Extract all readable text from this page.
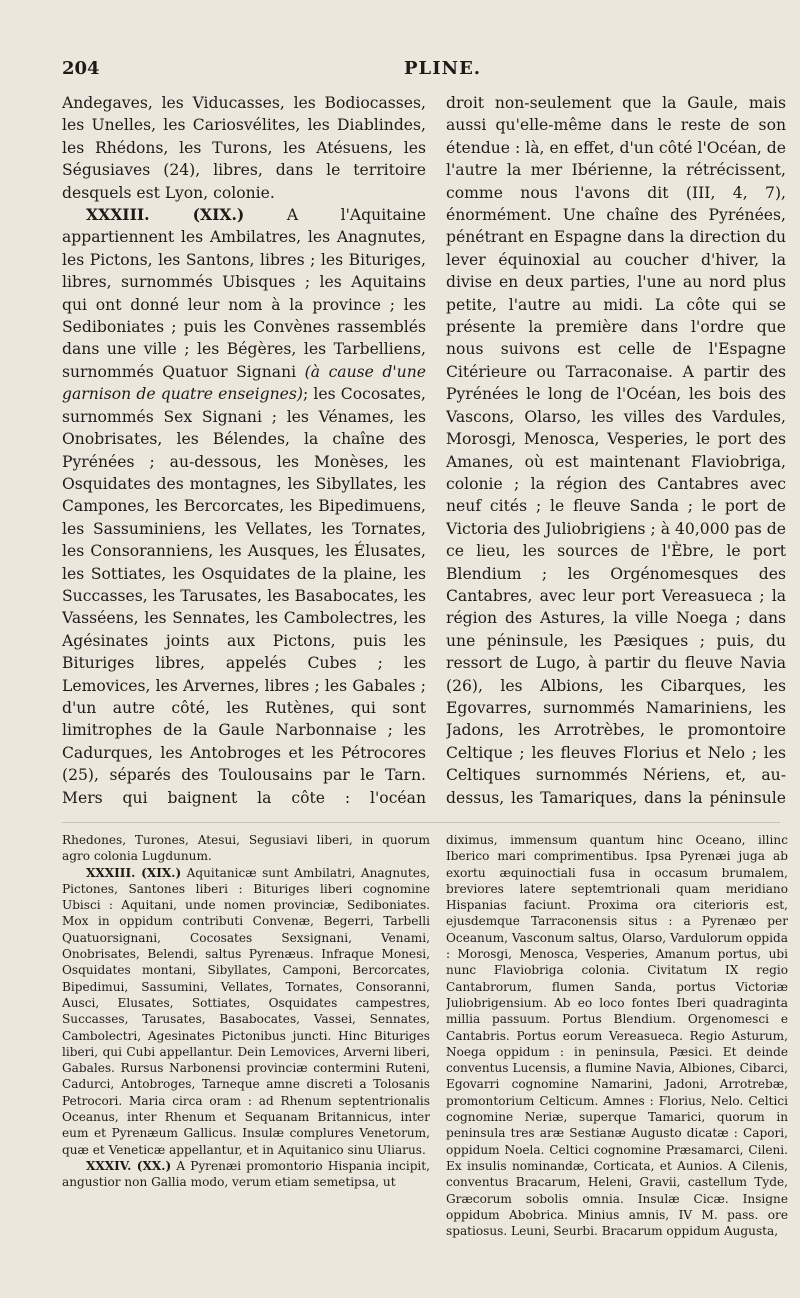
204	PLINE.

Andegaves, les Viducasses, les Bodiocasses, les Unelles, les Cariosvélites, les Diablindes, les Rhédons, les Turons, les Atésuens, les Ségusiaves (24), libres, dans le territoire desquels est Lyon, colonie.

XXXIII. (XIX.) A l'Aquitaine appartiennent les Ambilatres, les Anagnutes, les Pictons, les Santons, libres ; les Bituriges, libres, surnommés Ubisques ; les Aquitains qui ont donné leur nom à la province ; les Sediboniates ; puis les Convènes rassemblés dans une ville ; les Bégères, les Tarbelliens, surnommés Quatuor Signani (à cause d'une garnison de quatre enseignes); les Cocosates, surnommés Sex Signani ; les Vénames, les Onobrisates, les Bélendes, la chaîne des Pyrénées ; au-dessous, les Monèses, les Osquidates des montagnes, les Sibyllates, les Campones, les Bercorcates, les Bipedimuens, les Sassuminiens, les Vellates, les Tornates, les Consoranniens, les Ausques, les Élusates, les Sottiates, les Osquidates de la plaine, les Succasses, les Tarusates, les Basabocates, les Vasséens, les Sennates, les Cambolectres, les Agésinates joints aux Pictons, puis les Bituriges libres, appelés Cubes ; les Lemovices, les Arvernes, libres ; les Gabales ; d'un autre côté, les Rutènes, qui sont limitrophes de la Gaule Narbonnaise ; les Cadurques, les Antobroges et les Pétrocores (25), séparés des Toulousains par le Tarn. Mers qui baignent la côte : l'océan

droit non-seulement que la Gaule, mais aussi qu'elle-même dans le reste de son étendue : là, en effet, d'un côté l'Océan, de l'autre la mer Ibérienne, la rétrécissent, comme nous l'avons dit (III, 4, 7), énormément. Une chaîne des Pyrénées, pénétrant en Espagne dans la direction du lever équinoxial au coucher d'hiver, la divise en deux parties, l'une au nord plus petite, l'autre au midi. La côte qui se présente la première dans l'ordre que nous suivons est celle de l'Espagne Citérieure ou Tarraconaise. A partir des Pyrénées le long de l'Océan, les bois des Vascons, Olarso, les villes des Vardules, Morosgi, Menosca, Vesperies, le port des Amanes, où est maintenant Flaviobriga, colonie ; la région des Cantabres avec neuf cités ; le fleuve Sanda ; le port de Victoria des Juliobrigiens ; à 40,000 pas de ce lieu, les sources de l'Èbre, le port Blendium ; les Orgénomesques des Cantabres, avec leur port Vereasueca ; la région des Astures, la ville Noega ; dans une péninsule, les Pæsiques ; puis, du ressort de Lugo, à partir du fleuve Navia (26), les Albions, les Cibarques, les Egovarres, surnommés Namariniens, les Jadons, les Arrotrèbes, le promontoire Celtique ; les fleuves Florius et Nelo ; les Celtiques surnommés Nériens, et, au-dessus, les Tamariques, dans la péninsule

Rhedones, Turones, Atesui, Segusiavi liberi, in quorum agro colonia Lugdunum.

XXXIII. (XIX.) Aquitanicæ sunt Ambilatri, Anagnutes, Pictones, Santones liberi : Bituriges liberi cognomine Ubisci : Aquitani, unde nomen provinciæ, Sediboniates. Mox in oppidum contributi Convenæ, Begerri, Tarbelli Quatuorsignani, Cocosates Sexsignani, Venami, Onobrisates, Belendi, saltus Pyrenæus. Infraque Monesi, Osquidates montani, Sibyllates, Camponi, Bercorcates, Bipedimui, Sassumini, Vellates, Tornates, Consoranni, Ausci, Elusates, Sottiates, Osquidates campestres, Succasses, Tarusates, Basabocates, Vassei, Sennates, Cambolectri, Agesinates Pictonibus juncti. Hinc Bituriges liberi, qui Cubi appellantur. Dein Lemovices, Arverni liberi, Gabales. Rursus Narbonensi provinciæ contermini Ruteni, Cadurci, Antobroges, Tarneque amne discreti a Tolosanis Petrocori. Maria circa oram : ad Rhenum septentrionalis Oceanus, inter Rhenum et Sequanam Britannicus, inter eum et Pyrenæum Gallicus. Insulæ complures Venetorum, quæ et Veneticæ appellantur, et in Aquitanico sinu Uliarus.

XXXIV. (XX.) A Pyrenæi promontorio Hispania incipit, angustior non Gallia modo, verum etiam semetipsa, ut

diximus, immensum quantum hinc Oceano, illinc Iberico mari comprimentibus. Ipsa Pyrenæi juga ab exortu æquinoctiali fusa in occasum brumalem, breviores latere septemtrionali quam meridiano Hispanias faciunt. Proxima ora citerioris est, ejusdemque Tarraconensis situs : a Pyrenæo per Oceanum, Vasconum saltus, Olarso, Vardulorum oppida : Morosgi, Menosca, Vesperies, Amanum portus, ubi nunc Flaviobriga colonia. Civitatum IX regio Cantabrorum, flumen Sanda, portus Victoriæ Juliobrigensium. Ab eo loco fontes Iberi quadraginta millia passuum. Portus Blendium. Orgenomesci e Cantabris. Portus eorum Vereasueca. Regio Asturum, Noega oppidum : in peninsula, Pæsici. Et deinde conventus Lucensis, a flumine Navia, Albiones, Cibarci, Egovarri cognomine Namarini, Jadoni, Arrotrebæ, promontorium Celticum. Amnes : Florius, Nelo. Celtici cognomine Neriæ, superque Tamarici, quorum in peninsula tres aræ Sestianæ Augusto dicatæ : Capori, oppidum Noela. Celtici cognomine Præsamarci, Cileni. Ex insulis nominandæ, Corticata, et Aunios. A Cilenis, conventus Bracarum, Heleni, Gravii, castellum Tyde, Græcorum sobolis omnia. Insulæ Cicæ. Insigne oppidum Abobrica. Minius amnis, IV M. pass. ore spatiosus. Leuni, Seurbi. Bracarum oppidum Augusta,
